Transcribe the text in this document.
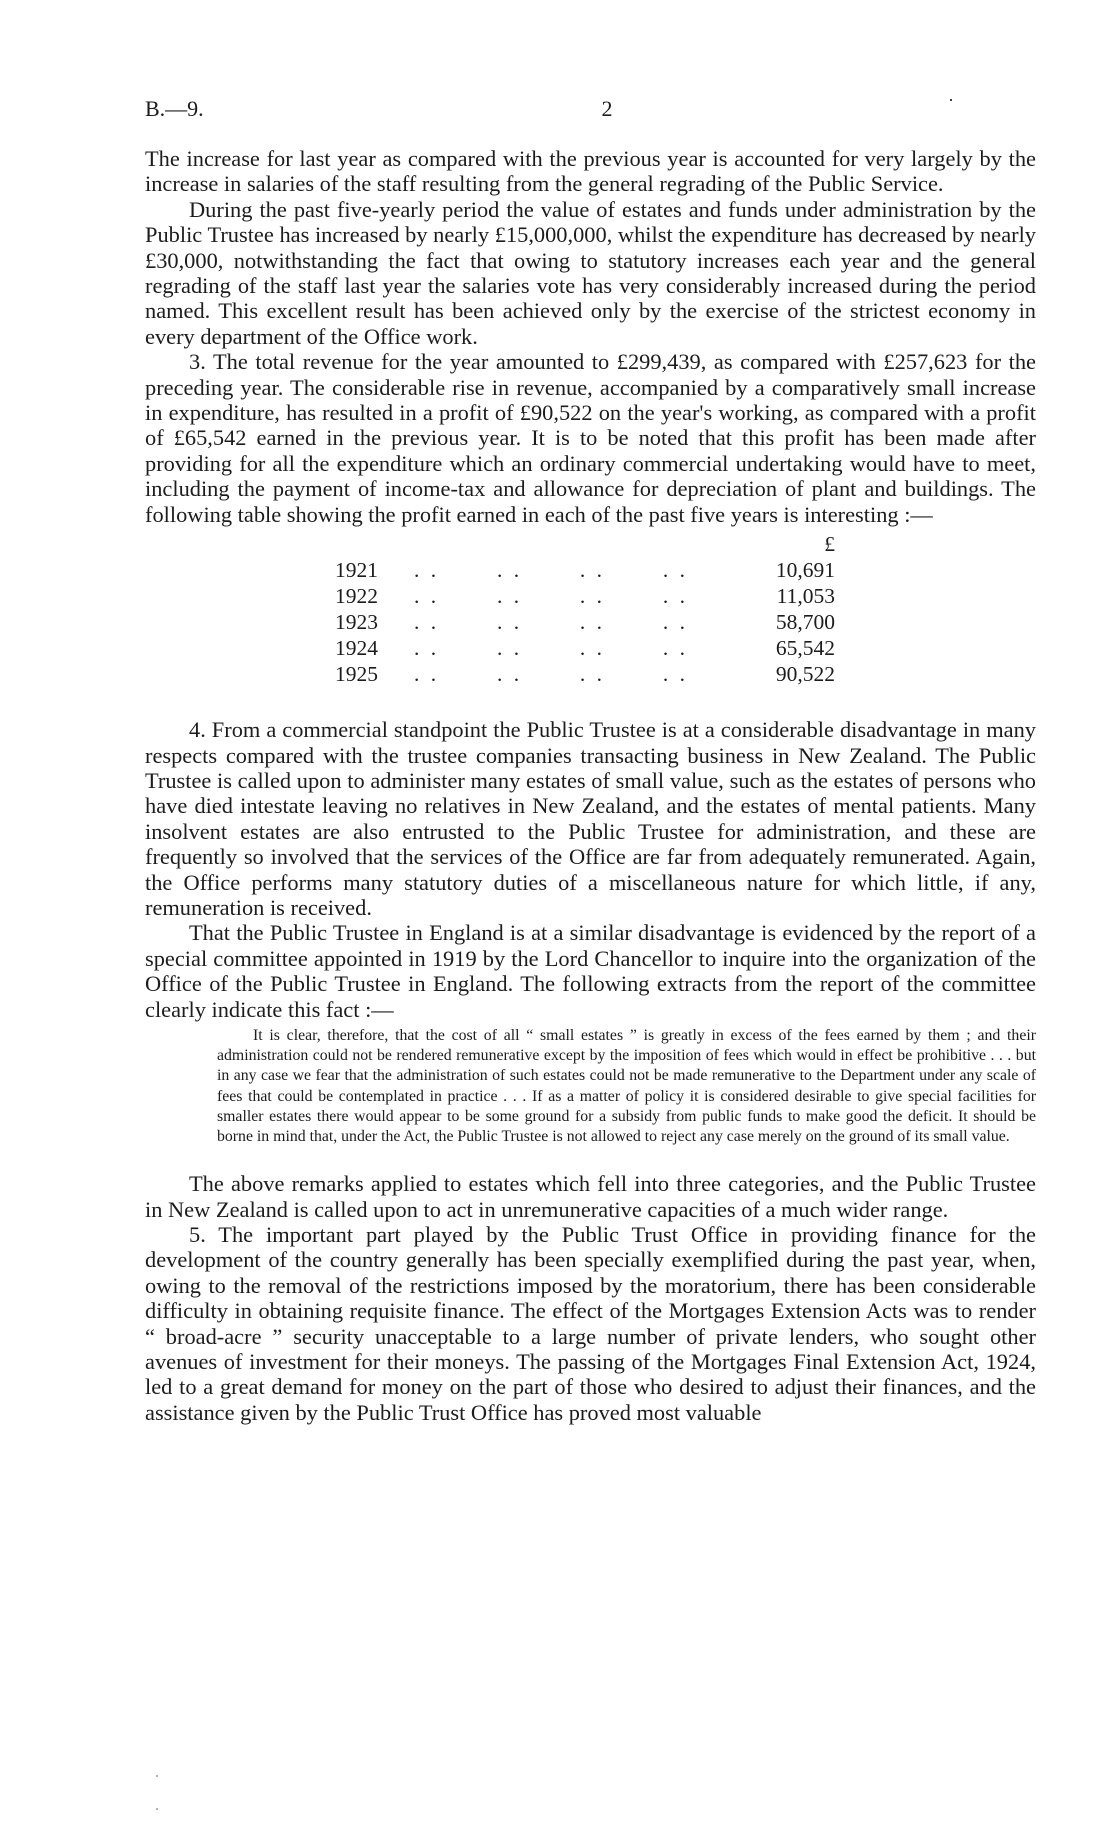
B.—9.	2	·

The increase for last year as compared with the previous year is accounted for very largely by the increase in salaries of the staff resulting from the general regrading of the Public Service.

During the past five-yearly period the value of estates and funds under administration by the Public Trustee has increased by nearly £15,000,000, whilst the expenditure has decreased by nearly £30,000, notwithstanding the fact that owing to statutory increases each year and the general regrading of the staff last year the salaries vote has very considerably increased during the period named. This excellent result has been achieved only by the exercise of the strictest economy in every department of the Office work.

3. The total revenue for the year amounted to £299,439, as compared with £257,623 for the preceding year. The considerable rise in revenue, accompanied by a comparatively small increase in expenditure, has resulted in a profit of £90,522 on the year's working, as compared with a profit of £65,542 earned in the previous year. It is to be noted that this profit has been made after providing for all the expenditure which an ordinary commercial undertaking would have to meet, including the payment of income-tax and allowance for depreciation of plant and buildings. The following table showing the profit earned in each of the past five years is interesting :—

					£
1921	. .	. .	. .	. .	10,691
1922	. .	. .	. .	. .	11,053
1923	. .	. .	. .	. .	58,700
1924	. .	. .	. .	. .	65,542
1925	. .	. .	. .	. .	90,522

4. From a commercial standpoint the Public Trustee is at a considerable disadvantage in many respects compared with the trustee companies transacting business in New Zealand. The Public Trustee is called upon to administer many estates of small value, such as the estates of persons who have died intestate leaving no relatives in New Zealand, and the estates of mental patients. Many insolvent estates are also entrusted to the Public Trustee for administration, and these are frequently so involved that the services of the Office are far from adequately remunerated. Again, the Office performs many statutory duties of a miscellaneous nature for which little, if any, remuneration is received.

That the Public Trustee in England is at a similar disadvantage is evidenced by the report of a special committee appointed in 1919 by the Lord Chancellor to inquire into the organization of the Office of the Public Trustee in England. The following extracts from the report of the committee clearly indicate this fact :—

It is clear, therefore, that the cost of all “ small estates ” is greatly in excess of the fees earned by them ; and their administration could not be rendered remunerative except by the imposition of fees which would in effect be prohibitive . . . but in any case we fear that the administration of such estates could not be made remunerative to the Department under any scale of fees that could be contemplated in practice . . . If as a matter of policy it is considered desirable to give special facilities for smaller estates there would appear to be some ground for a subsidy from public funds to make good the deficit. It should be borne in mind that, under the Act, the Public Trustee is not allowed to reject any case merely on the ground of its small value.

The above remarks applied to estates which fell into three categories, and the Public Trustee in New Zealand is called upon to act in unremunerative capacities of a much wider range.

5. The important part played by the Public Trust Office in providing finance for the development of the country generally has been specially exemplified during the past year, when, owing to the removal of the restrictions imposed by the moratorium, there has been considerable difficulty in obtaining requisite finance. The effect of the Mortgages Extension Acts was to render “ broad-acre ” security unacceptable to a large number of private lenders, who sought other avenues of investment for their moneys. The passing of the Mortgages Final Extension Act, 1924, led to a great demand for money on the part of those who desired to adjust their finances, and the assistance given by the Public Trust Office has proved most valuable
